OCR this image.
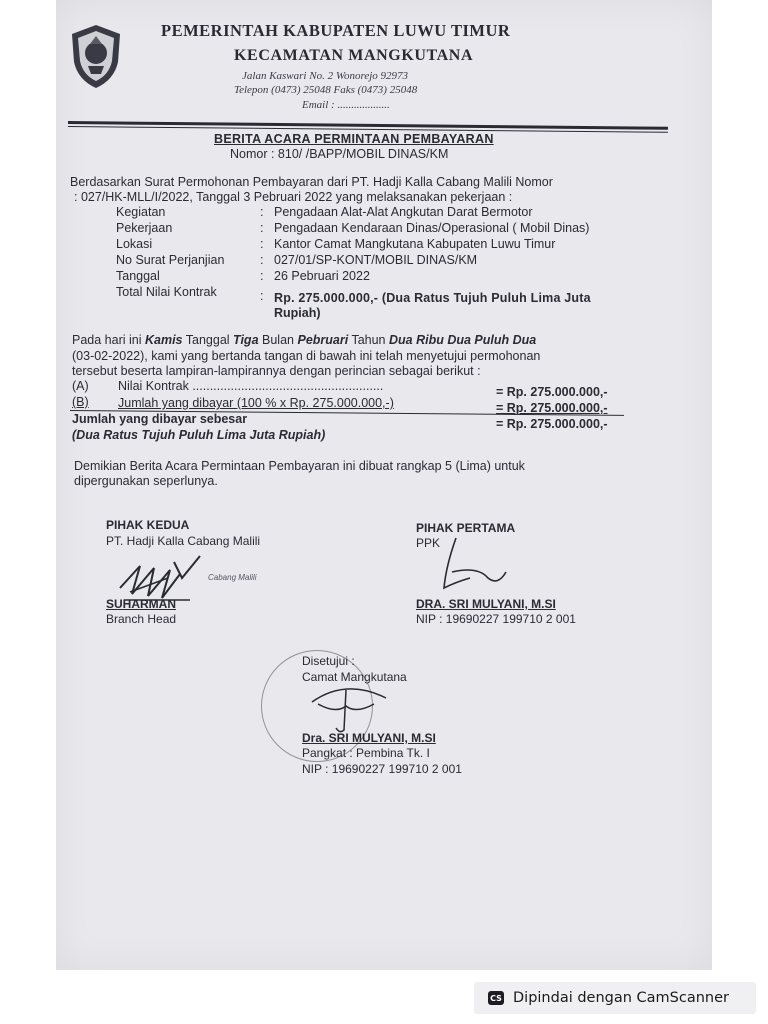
PEMERINTAH KABUPATEN LUWU TIMUR
KECAMATAN MANGKUTANA
Jalan Kaswari No. 2 Wonorejo 92973
Telepon (0473) 25048 Faks (0473) 25048
Email : ...................
BERITA ACARA PERMINTAAN PEMBAYARAN
Nomor : 810/ /BAPP/MOBIL DINAS/KM
Berdasarkan Surat Permohonan Pembayaran dari PT. Hadji Kalla Cabang Malili Nomor
: 027/HK-MLL/I/2022, Tanggal 3 Pebruari 2022 yang melaksanakan pekerjaan :
Kegiatan	: Pengadaan Alat-Alat Angkutan Darat Bermotor
Pekerjaan	: Pengadaan Kendaraan Dinas/Operasional ( Mobil Dinas)
Lokasi	: Kantor Camat Mangkutana Kabupaten Luwu Timur
No Surat Perjanjian	: 027/01/SP-KONT/MOBIL DINAS/KM
Tanggal	: 26 Pebruari 2022
Total Nilai Kontrak	: Rp. 275.000.000,- (Dua Ratus Tujuh Puluh Lima Juta
Rupiah)
Pada hari ini Kamis Tanggal Tiga Bulan Pebruari Tahun Dua Ribu Dua Puluh Dua
(03-02-2022), kami yang bertanda tangan di bawah ini telah menyetujui permohonan
tersebut beserta lampiran-lampirannya dengan perincian sebagai berikut :
(A) Nilai Kontrak .......................................................	= Rp. 275.000.000,-
(B) Jumlah yang dibayar (100 % x Rp. 275.000.000,-)	= Rp. 275.000.000,-
Jumlah yang dibayar sebesar	= Rp. 275.000.000,-
(Dua Ratus Tujuh Puluh Lima Juta Rupiah)
Demikian Berita Acara Permintaan Pembayaran ini dibuat rangkap 5 (Lima) untuk
dipergunakan seperlunya.
PIHAK KEDUA
PT. Hadji Kalla Cabang Malili
Cabang Malili
SUHARMAN
Branch Head
PIHAK PERTAMA
PPK
DRA. SRI MULYANI, M.SI
NIP : 19690227 199710 2 001
Disetujui :
Camat Mangkutana
Dra. SRI MULYANI, M.SI
Pangkat : Pembina Tk. I
NIP : 19690227 199710 2 001
CS Dipindai dengan CamScanner
